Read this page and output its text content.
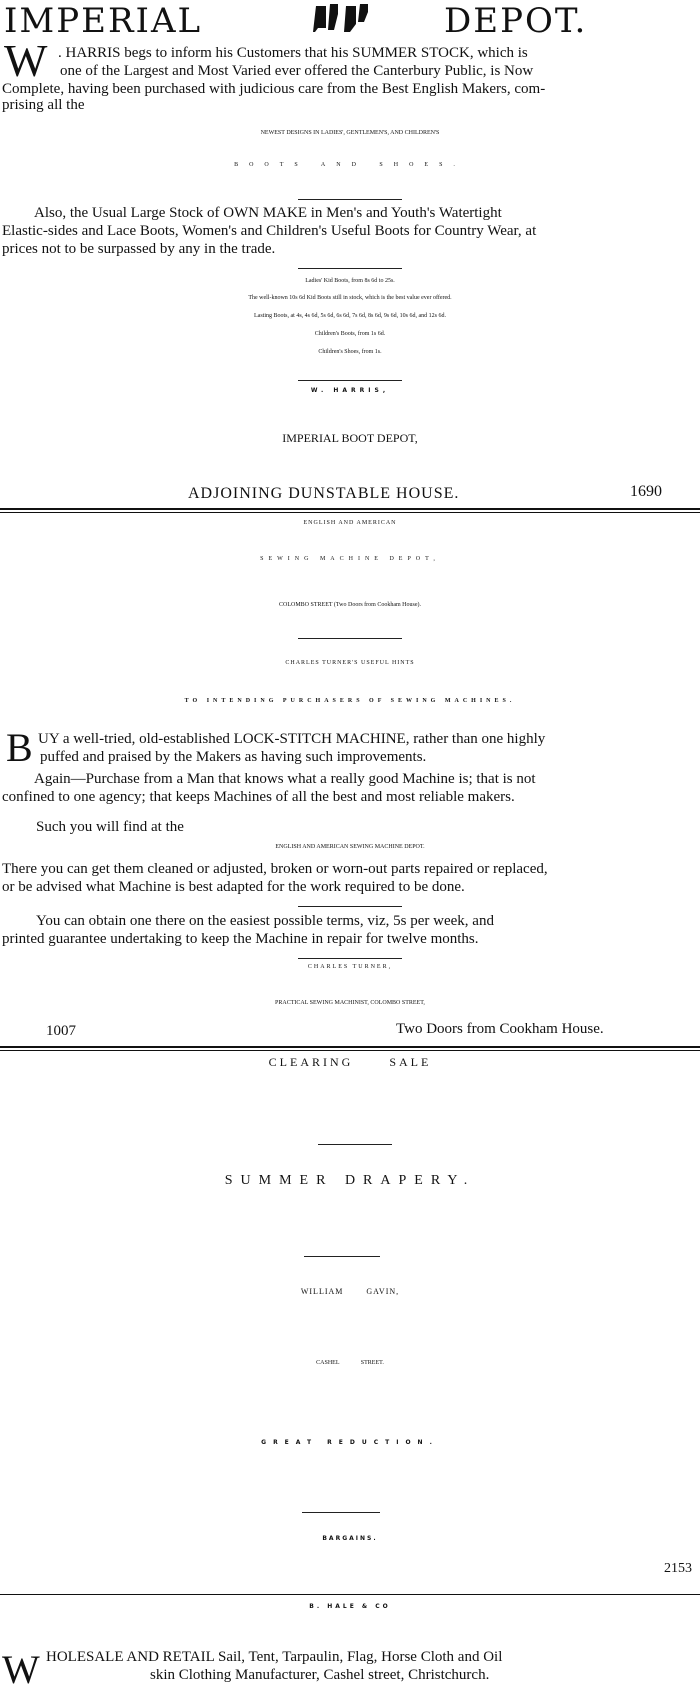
IMPERIAL	DEPOT.
W . HARRIS begs to inform his Customers that his SUMMER STOCK, which is
one of the Largest and Most Varied ever offered the Canterbury Public, is Now
Complete, having been purchased with judicious care from the Best English Makers, com-
prising all the
NEWEST DESIGNS IN LADIES', GENTLEMEN'S, AND CHILDREN'S
BOOTS AND SHOES.
Also, the Usual Large Stock of OWN MAKE in Men's and Youth's Watertight
Elastic-sides and Lace Boots, Women's and Children's Useful Boots for Country Wear, at
prices not to be surpassed by any in the trade.
Ladies' Kid Boots, from 8s 6d to 25s.
The well-known 10s 6d Kid Boots still in stock, which is the best value ever offered.
Lasting Boots, at 4s, 4s 6d, 5s 6d, 6s 6d, 7s 6d, 8s 6d, 9s 6d, 10s 6d, and 12s 6d.
Children's Boots, from 1s 6d.
Children's Shoes, from 1s.
W. HARRIS,
IMPERIAL BOOT DEPOT,
ADJOINING DUNSTABLE HOUSE.	1690
ENGLISH AND AMERICAN
SEWING MACHINE DEPOT,
COLOMBO STREET (Two Doors from Cookham House).
CHARLES TURNER'S USEFUL HINTS
TO INTENDING PURCHASERS OF SEWING MACHINES.
B UY a well-tried, old-established LOCK-STITCH MACHINE, rather than one highly
puffed and praised by the Makers as having such improvements.
Again—Purchase from a Man that knows what a really good Machine is; that is not
confined to one agency; that keeps Machines of all the best and most reliable makers.
Such you will find at the
ENGLISH AND AMERICAN SEWING MACHINE DEPOT.
There you can get them cleaned or adjusted, broken or worn-out parts repaired or replaced,
or be advised what Machine is best adapted for the work required to be done.
You can obtain one there on the easiest possible terms, viz, 5s per week, and
printed guarantee undertaking to keep the Machine in repair for twelve months.
CHARLES TURNER,
PRACTICAL SEWING MACHINIST, COLOMBO STREET,
1007	Two Doors from Cookham House.
CLEARING SALE
SUMMER DRAPERY.
WILLIAM GAVIN,
CASHEL STREET.
GREAT REDUCTION.
BARGAINS.
2153
B. HALE & CO
W HOLESALE AND RETAIL Sail, Tent, Tarpaulin, Flag, Horse Cloth and Oil
skin Clothing Manufacturer, Cashel street, Christchurch.
